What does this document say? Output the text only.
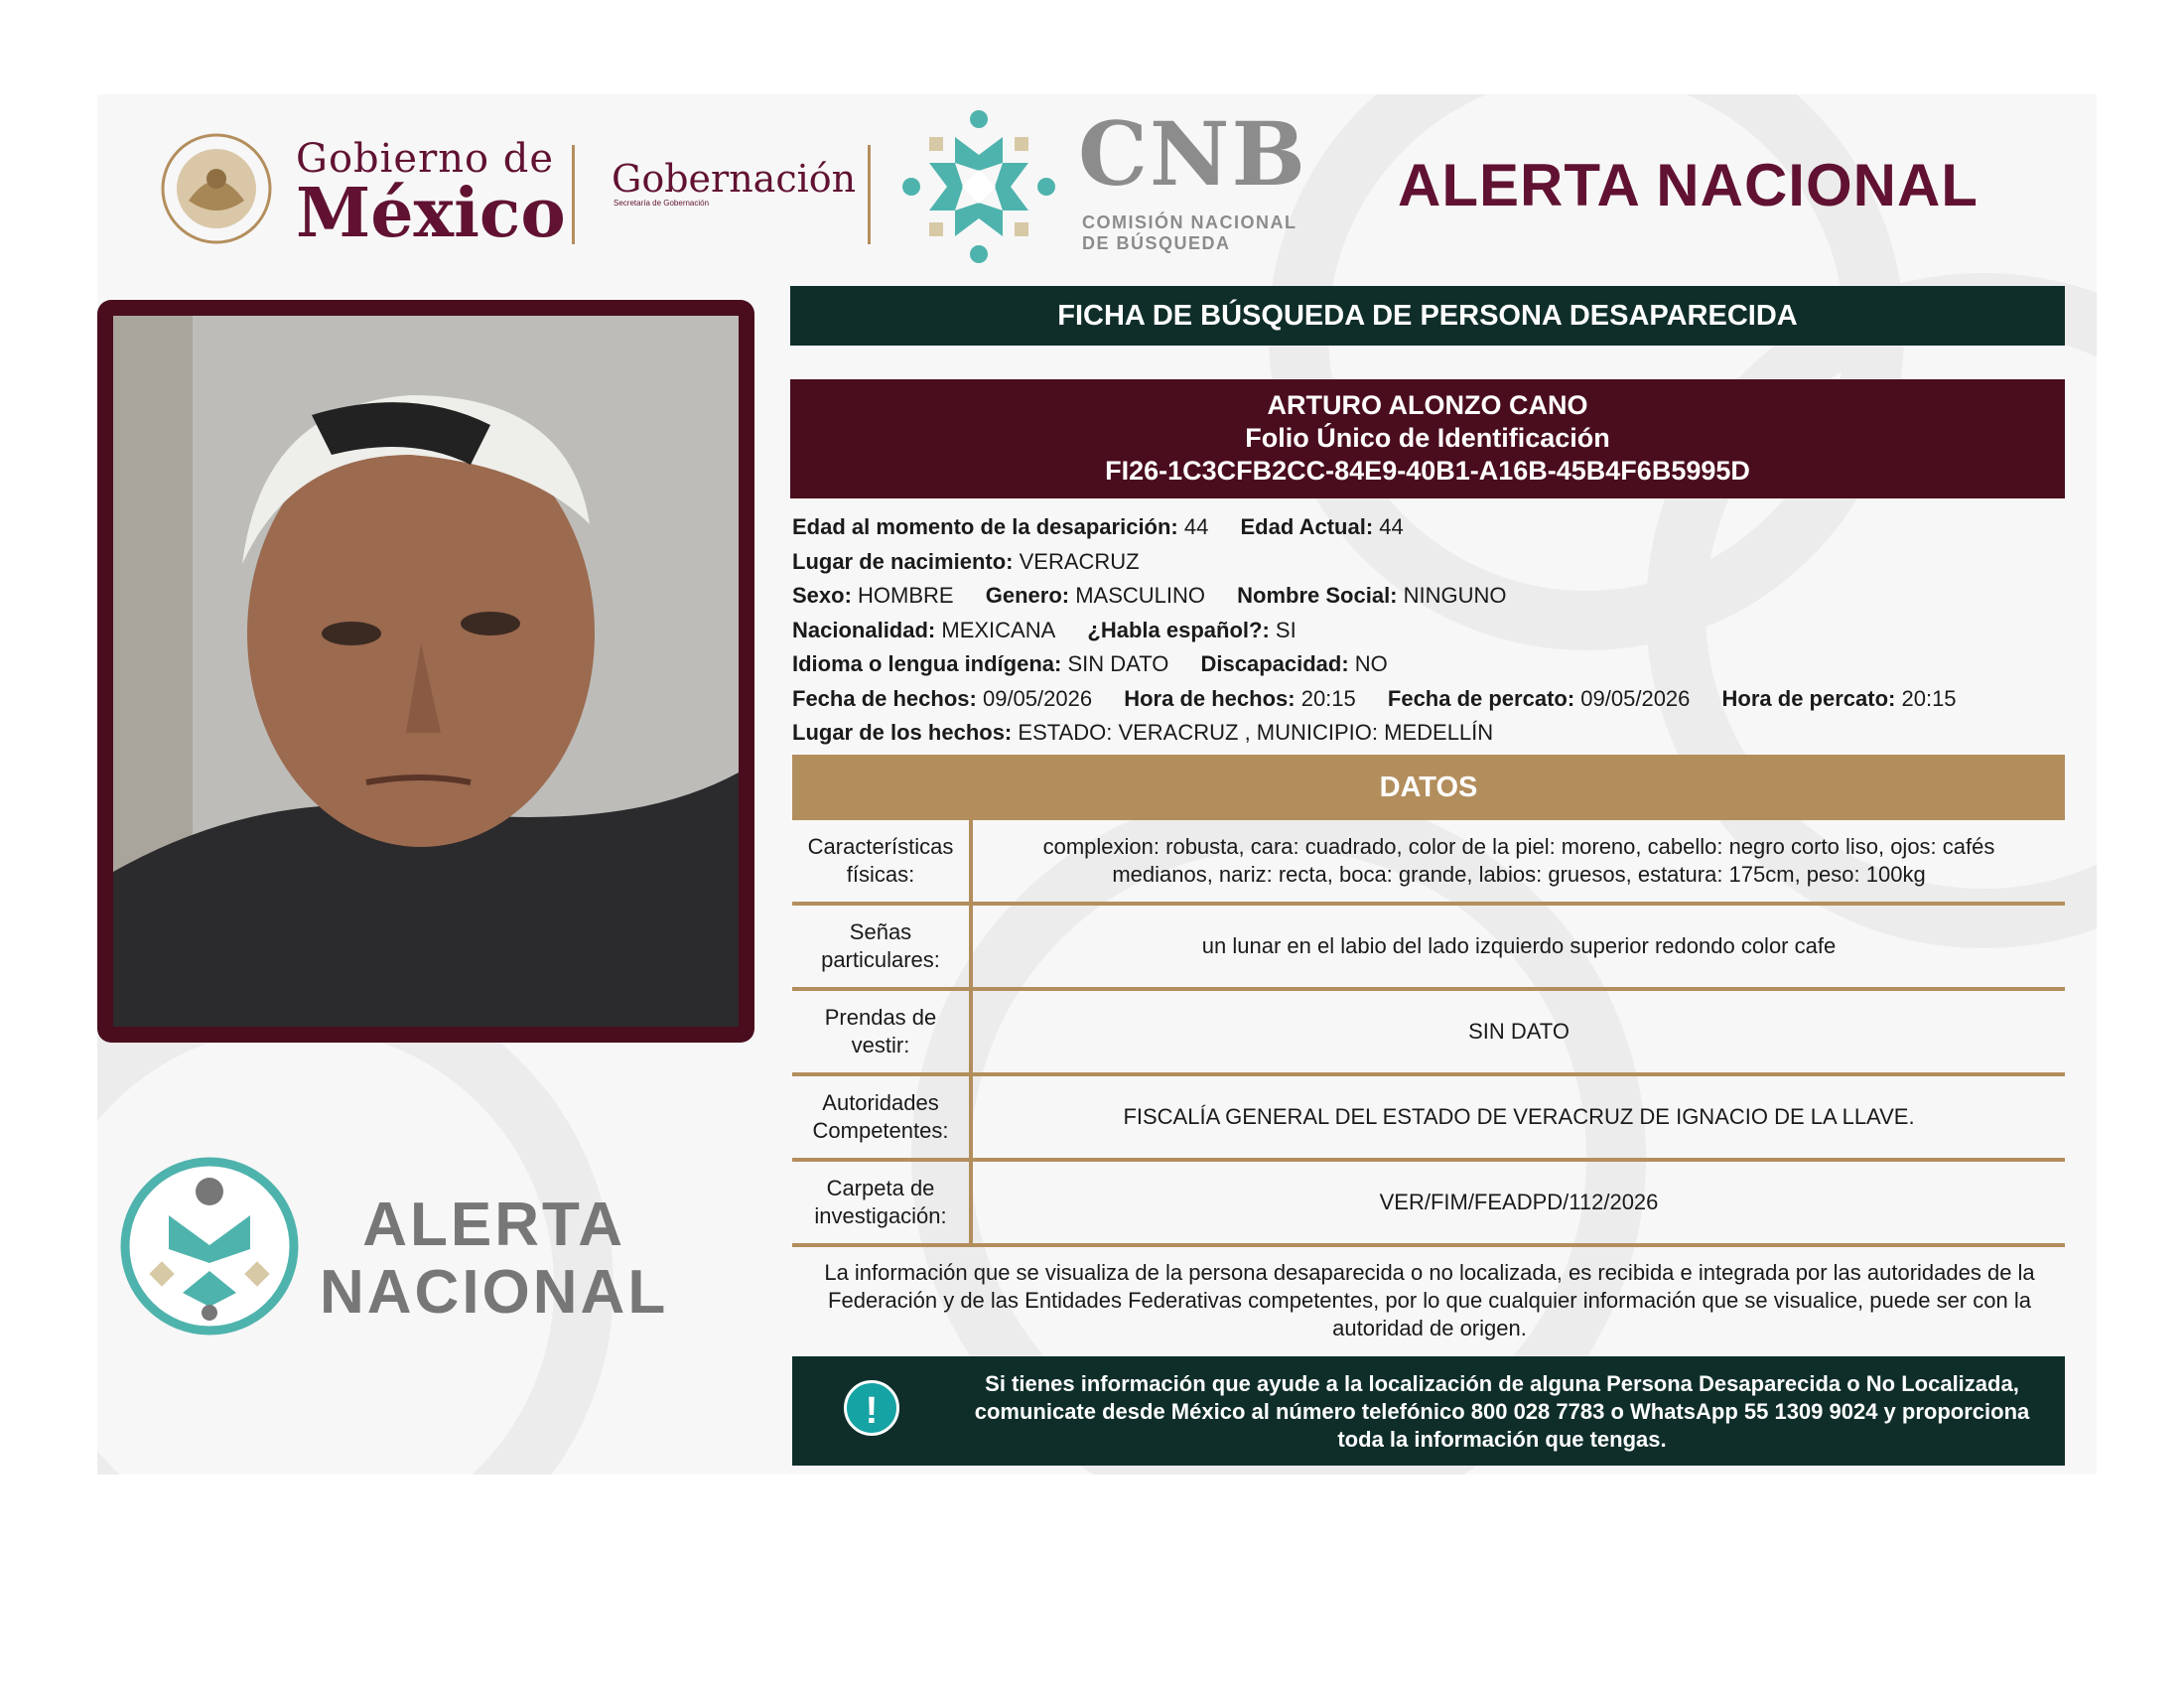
Gobierno de
México Gobernación
Secretaría de Gobernación	CNB
COMISIÓN NACIONAL
DE BÚSQUEDA
ALERTA NACIONAL
ALERTA
NACIONAL
FICHA DE BÚSQUEDA DE PERSONA DESAPARECIDA
ARTURO ALONZO CANO
Folio Único de Identificación
FI26-1C3CFB2CC-84E9-40B1-A16B-45B4F6B5995D
Edad al momento de la desaparición: 44 Edad Actual: 44
Lugar de nacimiento: VERACRUZ
Sexo: HOMBRE Genero: MASCULINO Nombre Social: NINGUNO
Nacionalidad: MEXICANA ¿Habla español?: SI
Idioma o lengua indígena: SIN DATO Discapacidad: NO
Fecha de hechos: 09/05/2026 Hora de hechos: 20:15 Fecha de percato: 09/05/2026 Hora de percato: 20:15
Lugar de los hechos: ESTADO: VERACRUZ , MUNICIPIO: MEDELLÍN
DATOS
Características físicas:
complexion: robusta, cara: cuadrado, color de la piel: moreno, cabello: negro corto liso, ojos: cafés medianos, nariz: recta, boca: grande, labios: gruesos, estatura: 175cm, peso: 100kg
Señas particulares:
un lunar en el labio del lado izquierdo superior redondo color cafe
Prendas de vestir:
SIN DATO
Autoridades Competentes:
FISCALÍA GENERAL DEL ESTADO DE VERACRUZ DE IGNACIO DE LA LLAVE.
Carpeta de investigación:
VER/FIM/FEADPD/112/2026
La información que se visualiza de la persona desaparecida o no localizada, es recibida e integrada por las autoridades de la Federación y de las Entidades Federativas competentes, por lo que cualquier información que se visualice, puede ser con la autoridad de origen.
!
Si tienes información que ayude a la localización de alguna Persona Desaparecida o No Localizada, comunicate desde México al número telefónico 800 028 7783 o WhatsApp 55 1309 9024 y proporciona toda la información que tengas.
